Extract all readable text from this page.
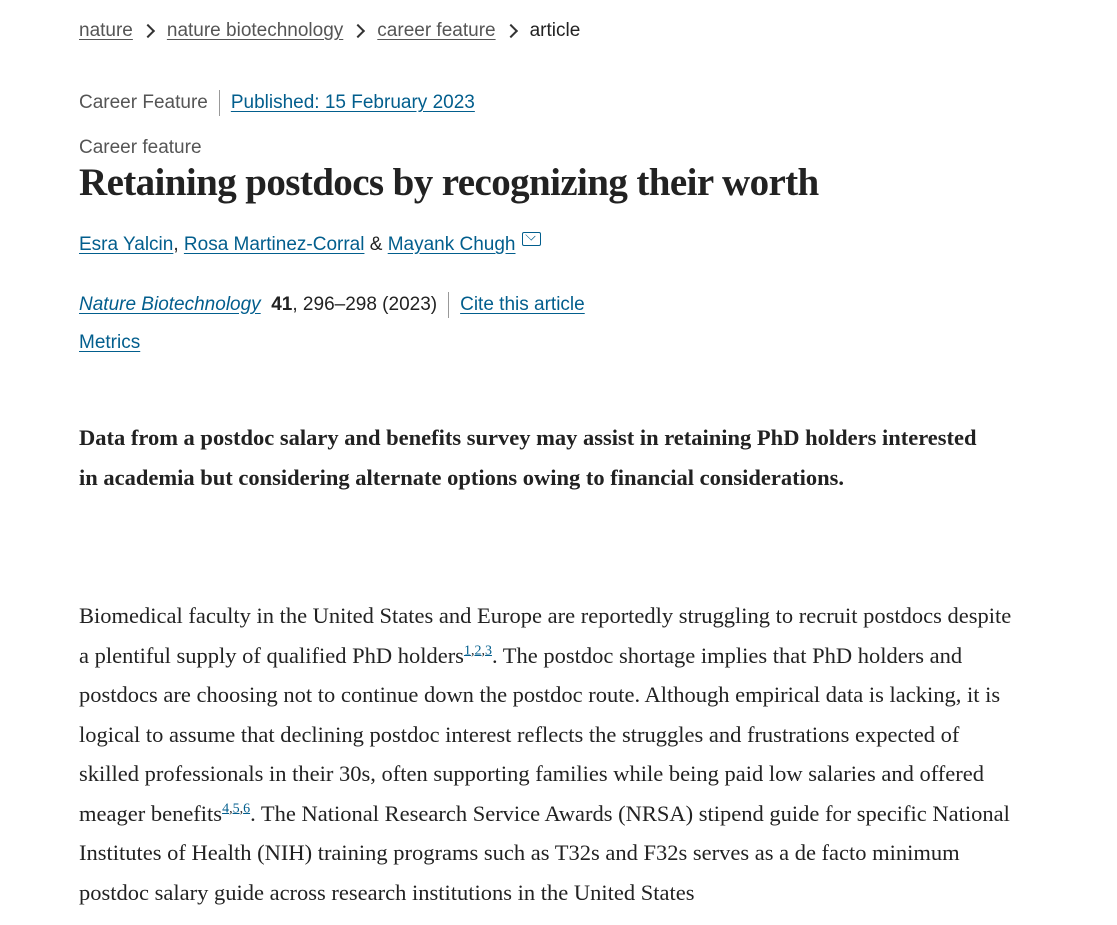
nature nature biotechnology career feature article
Career Feature Published: 15 February 2023
Career feature
Retaining postdocs by recognizing their worth
Esra Yalcin ,
Rosa Martinez-Corral
&
Mayank Chugh
Nature Biotechnology
41 , 296–298 (2023) Cite this article
Metrics

Data from a postdoc salary and benefits survey may assist in retaining PhD holders interested in academia but considering alternate options owing to financial considerations.

Biomedical faculty in the United States and Europe are reportedly struggling to recruit postdocs despite a plentiful supply of qualified PhD holders$^{1,2,3}$. The postdoc shortage implies that PhD holders and postdocs are choosing not to continue down the postdoc route. Although empirical data is lacking, it is logical to assume that declining postdoc interest reflects the struggles and frustrations expected of skilled professionals in their 30s, often supporting families while being paid low salaries and offered meager benefits$^{4,5,6}$. The National Research Service Awards (NRSA) stipend guide for specific National Institutes of Health (NIH) training programs such as T32s and F32s serves as a de facto minimum postdoc salary guide across research institutions in the United States
